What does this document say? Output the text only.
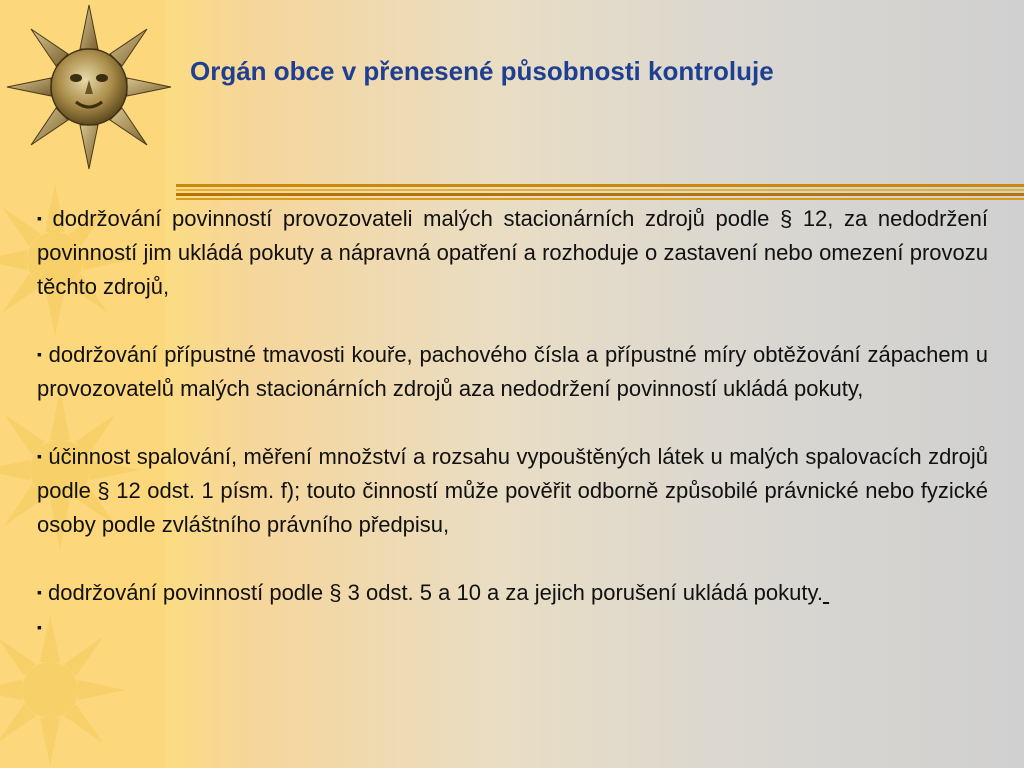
Orgán obce v přenesené působnosti kontroluje

▪ dodržování povinností provozovateli malých stacionárních zdrojů podle § 12, za nedodržení povinností jim ukládá pokuty a nápravná opatření a rozhoduje o zastavení nebo omezení provozu těchto zdrojů,

▪ dodržování přípustné tmavosti kouře, pachového čísla a přípustné míry obtěžování zápachem u provozovatelů malých stacionárních zdrojů aza nedodržení povinností ukládá pokuty,

▪ účinnost spalování, měření množství a rozsahu vypouštěných látek u malých spalovacích zdrojů podle § 12 odst. 1 písm. f); touto činností může pověřit odborně způsobilé právnické nebo fyzické osoby podle zvláštního právního předpisu,

▪ dodržování povinností podle § 3 odst. 5 a 10 a za jejich porušení ukládá pokuty.

▪
